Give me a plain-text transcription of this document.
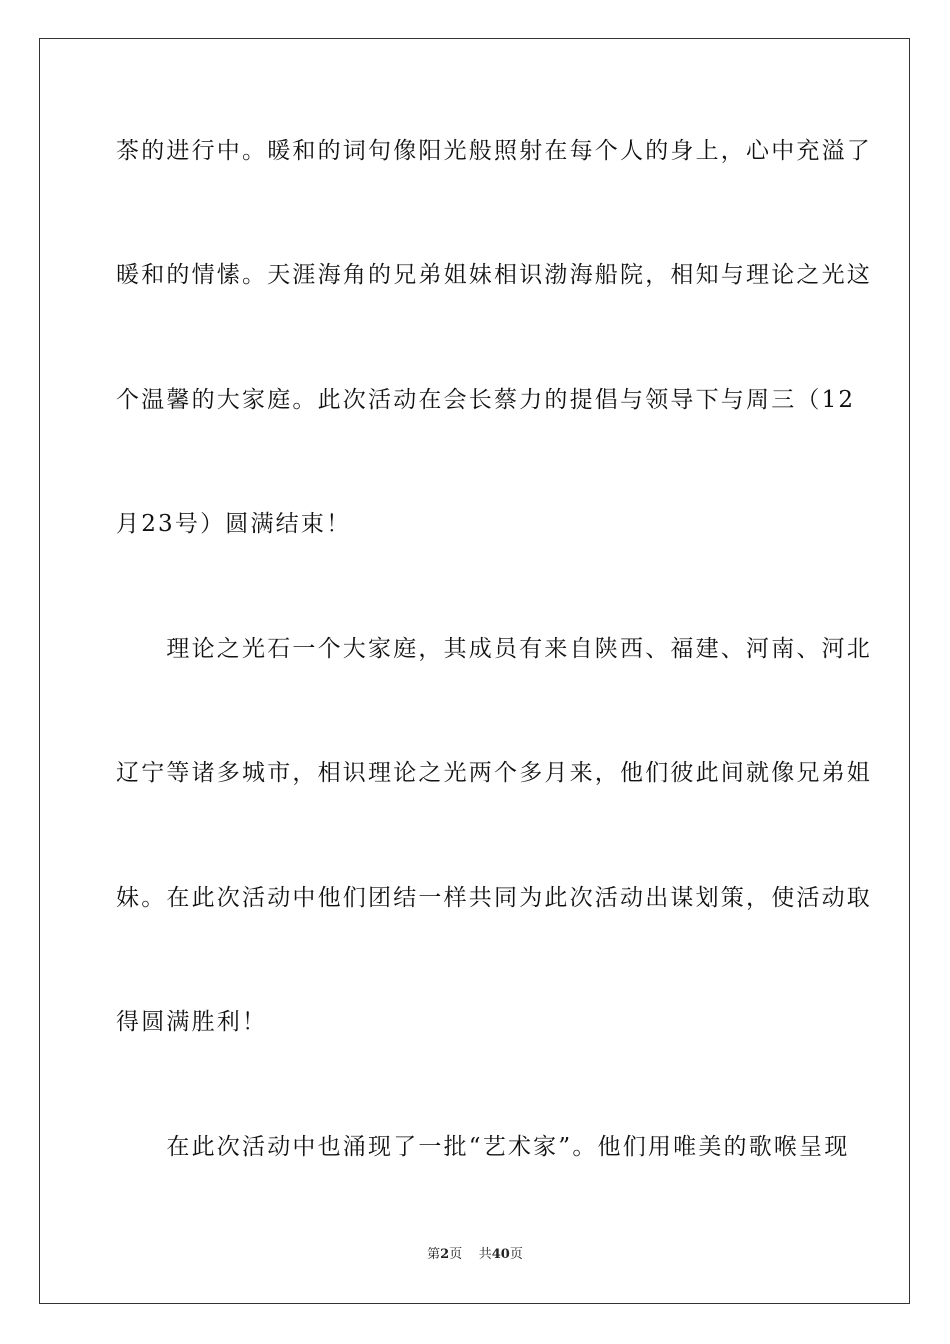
茶的进行中。暖和的词句像阳光般照射在每个人的身上，心中充溢了
暖和的情愫。天涯海角的兄弟姐妹相识渤海船院，相知与理论之光这
个温馨的大家庭。此次活动在会长蔡力的提倡与领导下与周三（12
月23号）圆满结束！
　　理论之光石一个大家庭，其成员有来自陕西、福建、河南、河北
辽宁等诸多城市，相识理论之光两个多月来，他们彼此间就像兄弟姐
妹。在此次活动中他们团结一样共同为此次活动出谋划策，使活动取
得圆满胜利！
　　在此次活动中也涌现了一批“艺术家”。他们用唯美的歌喉呈现
第2页 共40页
